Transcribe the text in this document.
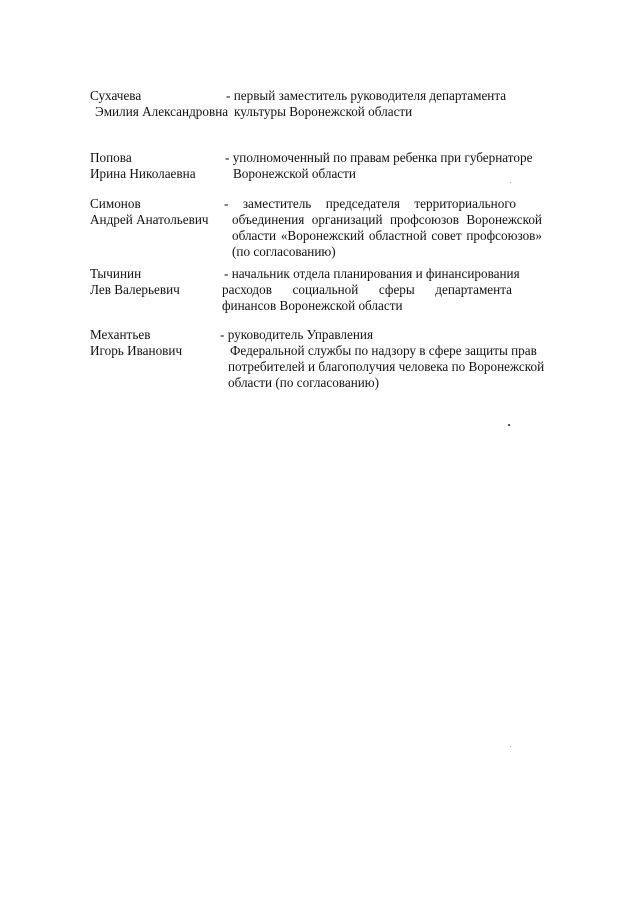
Сухачева
Эмилия Александровна
- первый заместитель руководителя департамента
культуры Воронежской области
Попова
Ирина Николаевна
- уполномоченный по правам ребенка при губернаторе
Воронежской области
Симонов
Андрей Анатольевич
- заместитель председателя территориального
объединения организаций профсоюзов Воронежской
области «Воронежский областной совет профсоюзов»
(по согласованию)
Тычинин
Лев Валерьевич
- начальник отдела планирования и финансирования
расходов социальной сферы департамента
финансов Воронежской области
Механтьев
Игорь Иванович
- руководитель Управления
Федеральной службы по надзору в сфере защиты прав
потребителей и благополучия человека по Воронежской
области (по согласованию)
